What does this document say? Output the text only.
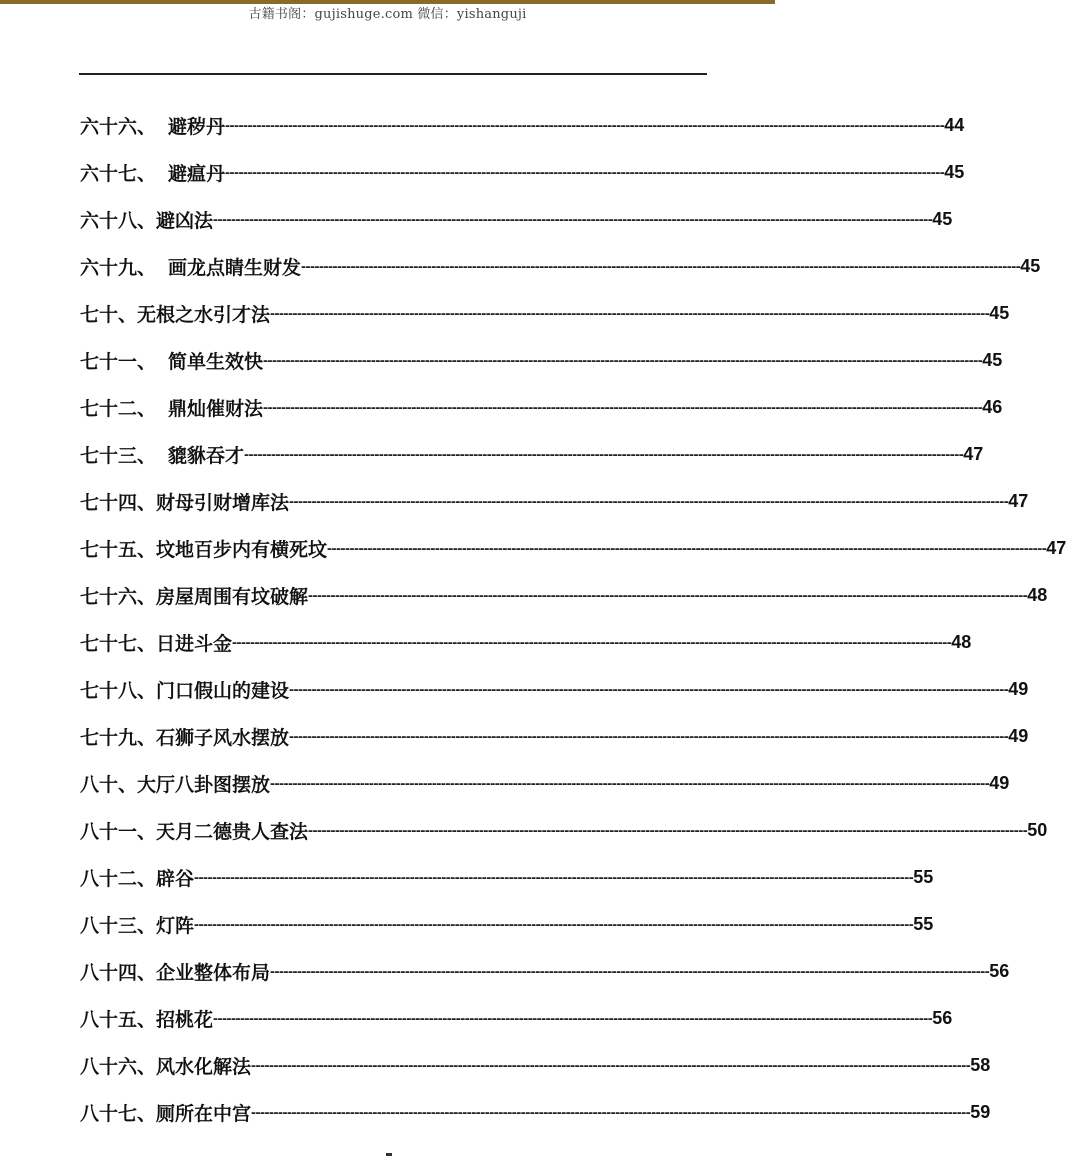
古籍书阁：gujishuge.com 微信：yishanguji
六十六、 避秽丹 ---------------------------------------------------------------------------------------------------------------------------------------------------------------- 44
六十七、 避瘟丹 ---------------------------------------------------------------------------------------------------------------------------------------------------------------- 45
六十八、 避凶法 ---------------------------------------------------------------------------------------------------------------------------------------------------------------- 45
六十九、 画龙点睛生财发 ---------------------------------------------------------------------------------------------------------------------------------------------------------------- 45
七十、 无根之水引才法 ---------------------------------------------------------------------------------------------------------------------------------------------------------------- 45
七十一、 简单生效快 ---------------------------------------------------------------------------------------------------------------------------------------------------------------- 45
七十二、 鼎灿催财法 ---------------------------------------------------------------------------------------------------------------------------------------------------------------- 46
七十三、 貔貅吞才 ---------------------------------------------------------------------------------------------------------------------------------------------------------------- 47
七十四、 财母引财增库法 ---------------------------------------------------------------------------------------------------------------------------------------------------------------- 47
七十五、 坟地百步内有横死坟 ---------------------------------------------------------------------------------------------------------------------------------------------------------------- 47
七十六、 房屋周围有坟破解 ---------------------------------------------------------------------------------------------------------------------------------------------------------------- 48
七十七、 日进斗金 ---------------------------------------------------------------------------------------------------------------------------------------------------------------- 48
七十八、 门口假山的建设 ---------------------------------------------------------------------------------------------------------------------------------------------------------------- 49
七十九、 石狮子风水摆放 ---------------------------------------------------------------------------------------------------------------------------------------------------------------- 49
八十、 大厅八卦图摆放 ---------------------------------------------------------------------------------------------------------------------------------------------------------------- 49
八十一、 天月二德贵人查法 ---------------------------------------------------------------------------------------------------------------------------------------------------------------- 50
八十二、 辟谷 ---------------------------------------------------------------------------------------------------------------------------------------------------------------- 55
八十三、 灯阵 ---------------------------------------------------------------------------------------------------------------------------------------------------------------- 55
八十四、 企业整体布局 ---------------------------------------------------------------------------------------------------------------------------------------------------------------- 56
八十五、 招桃花 ---------------------------------------------------------------------------------------------------------------------------------------------------------------- 56
八十六、 风水化解法 ---------------------------------------------------------------------------------------------------------------------------------------------------------------- 58
八十七、 厕所在中宫 ---------------------------------------------------------------------------------------------------------------------------------------------------------------- 59
